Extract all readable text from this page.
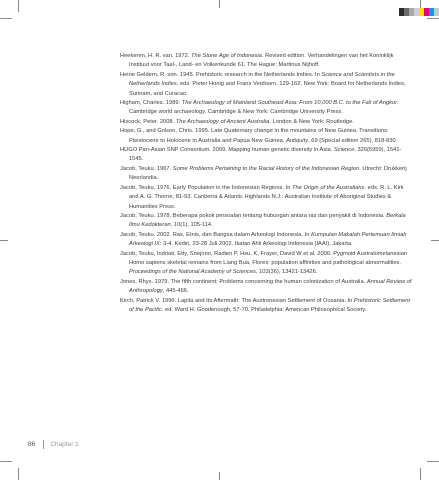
Heekeren, H. R. van. 1972. The Stone Age of Indonesia. Revised edition. Verhandelingen van het Koninklijk Instituut voor Taal-, Land- en Volkenkunde 61. The Hague: Martinus Nijhoff.

Heine Geldern, R. von. 1945. Prehistoric research in the Netherlands Indies. In Science and Scientists in the Netherlands Indies. eds. Pieter Honig and Frans Verdoorn, 129-162. New York: Board for Netherlands Indies, Surinam, and Curacao.

Higham, Charles. 1989. The Archaeology of Mainland Southeast Asia: From 10,000 B.C. to the Fall of Angkor. Cambridge world archaeology. Cambridge & New York: Cambridge University Press.

Hiscock, Peter. 2008. The Archaeology of Ancient Australia. London & New York: Routledge.

Hope, G., and Golson, Chris. 1995. Late Quaternary change in the mountains of New Guinea. Transitions: Pleistocene to Holocene in Australia and Papua New Guinea. Antiquity, 69 (Special edition 265), 818-830.

HUGO Pan-Asian SNP Consortium. 2009. Mapping human genetic diversity in Asia. Science, 326(5959), 1541-1545.

Jacob, Teuku. 1967. Some Problems Pertaining to the Racial History of the Indonesian Region. Utrecht: Drukkerij Neerlandia.

Jacob, Teuku. 1976. Early Population in the Indonesian Regions. In The Origin of the Australians. eds. R. L. Kirk and A. G. Thorne, 81-93. Canberra & Atlantic Highlands N.J.: Australian Institute of Aboriginal Studies & Humanities Press.

Jacob, Teuku. 1978. Beberapa pokok persoalan tentang hubungan antara ras dan penyakit di Indonesia. Berkala Ilmu Kedokteran, 10(1), 105-114.

Jacob, Teuku. 2002. Ras, Etnis, dan Bangsa dalam Arkeologi Indonesia. In Kumpulan Makalah Pertemuan Ilmiah Arkeologi IX: 3-4. Kediri, 23-28 Juli 2002. Ikatan Ahli Arkeologi Indonesia (IAAI), Jakarta.

Jacob, Teuku, Indriati, Etty, Soejono, Radien P, Hsu, K, Frayer, David W et al. 2006. Pygmoid Australomelanesian Homo sapiens skeletal remains from Liang Bua, Flores: population affinities and pathological abnormalities. Proceedings of the National Academy of Sciences, 103(36), 13421-13426.

Jones, Rhys. 1979. The fifth continent: Problems concerning the human colonization of Australia. Annual Review of Anthropology, 445-466.

Kirch, Patrick V. 1996. Lapita and Its Aftermath: The Austronesian Settlement of Oceania. In Prehistoric Settlement of the Pacific. ed. Ward H. Goodenough, 57-70. Philadelphia: American Philosophical Society.

86 Chapter 1
